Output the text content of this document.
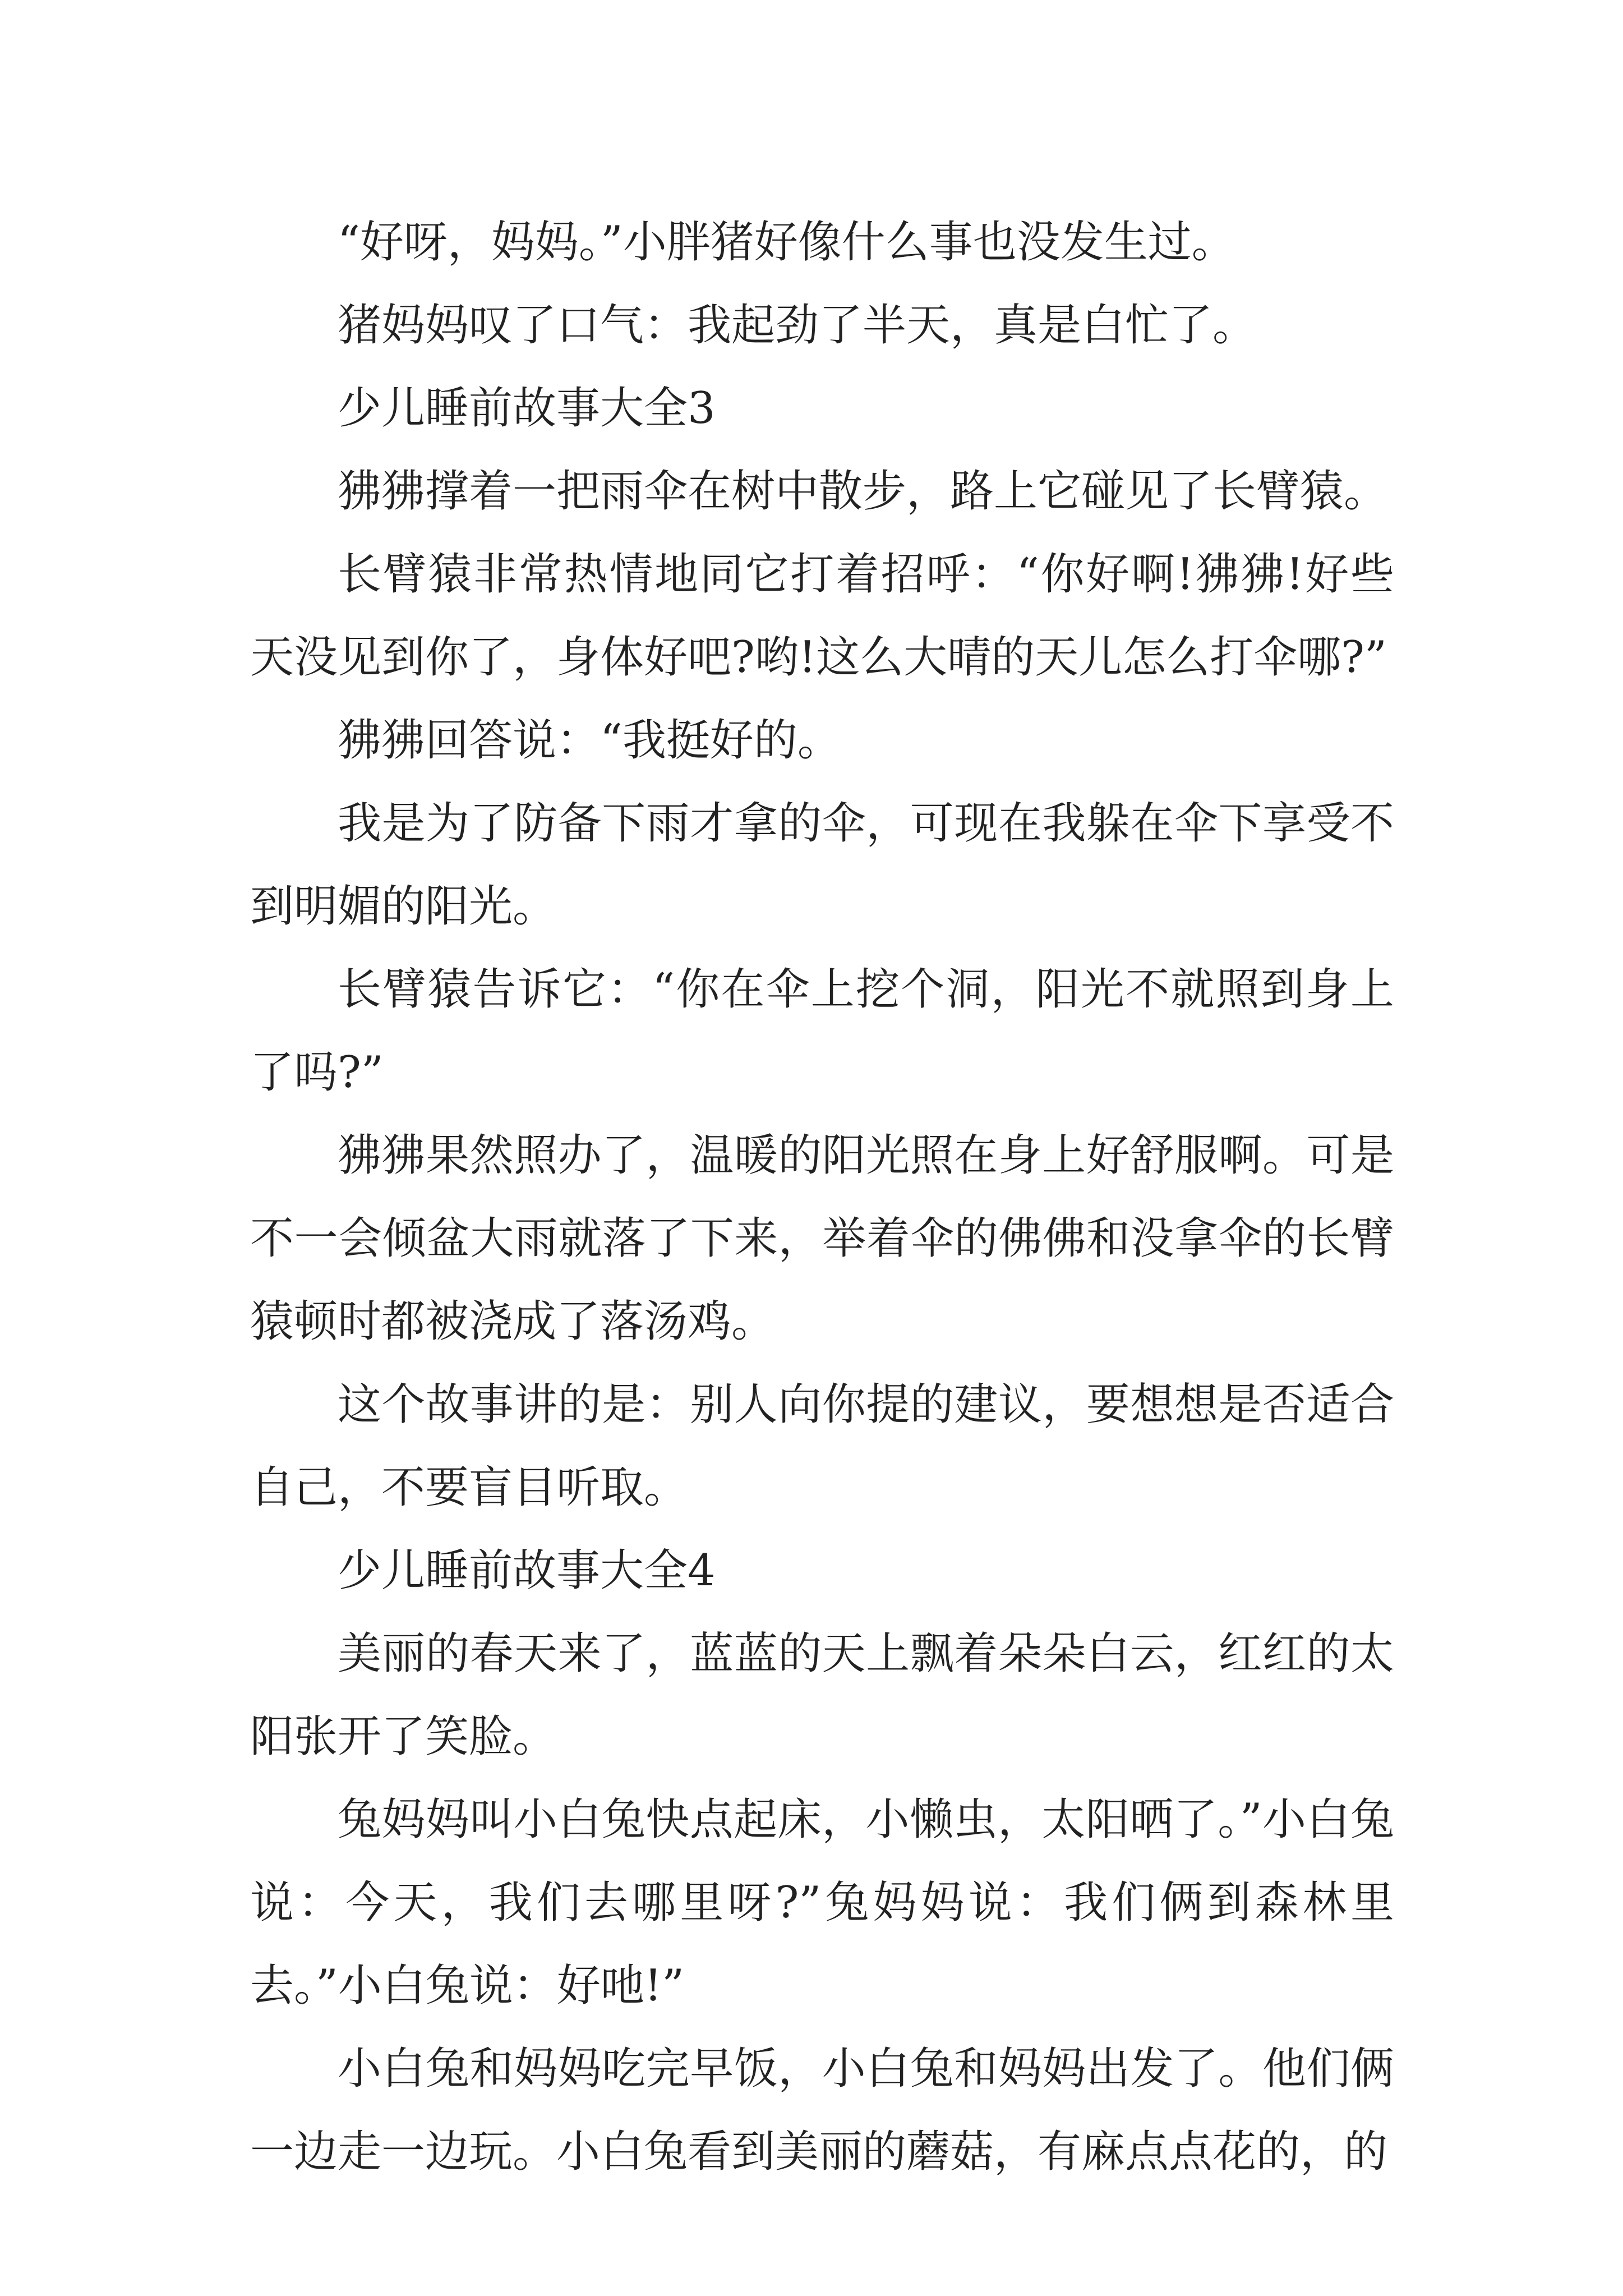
“好呀，妈妈。”小胖猪好像什么事也没发生过。

猪妈妈叹了口气：我起劲了半天，真是白忙了。

少儿睡前故事大全3

狒狒撑着一把雨伞在树中散步，路上它碰见了长臂猿。

长臂猿非常热情地同它打着招呼：“你好啊!狒狒!好些天没见到你了，身体好吧?哟!这么大晴的天儿怎么打伞哪?”

狒狒回答说：“我挺好的。

我是为了防备下雨才拿的伞，可现在我躲在伞下享受不到明媚的阳光。

长臂猿告诉它：“你在伞上挖个洞，阳光不就照到身上了吗?”

狒狒果然照办了，温暖的阳光照在身上好舒服啊。可是不一会倾盆大雨就落了下来，举着伞的佛佛和没拿伞的长臂猿顿时都被浇成了落汤鸡。

这个故事讲的是：别人向你提的建议，要想想是否适合自己，不要盲目听取。

少儿睡前故事大全4

美丽的春天来了，蓝蓝的天上飘着朵朵白云，红红的太阳张开了笑脸。

兔妈妈叫小白兔快点起床，小懒虫，太阳晒了。”小白兔说：今天，我们去哪里呀?”兔妈妈说：我们俩到森林里去。”小白兔说：好吔!”

小白兔和妈妈吃完早饭，小白兔和妈妈出发了。他们俩一边走一边玩。小白兔看到美丽的蘑菇，有麻点点花的，的
